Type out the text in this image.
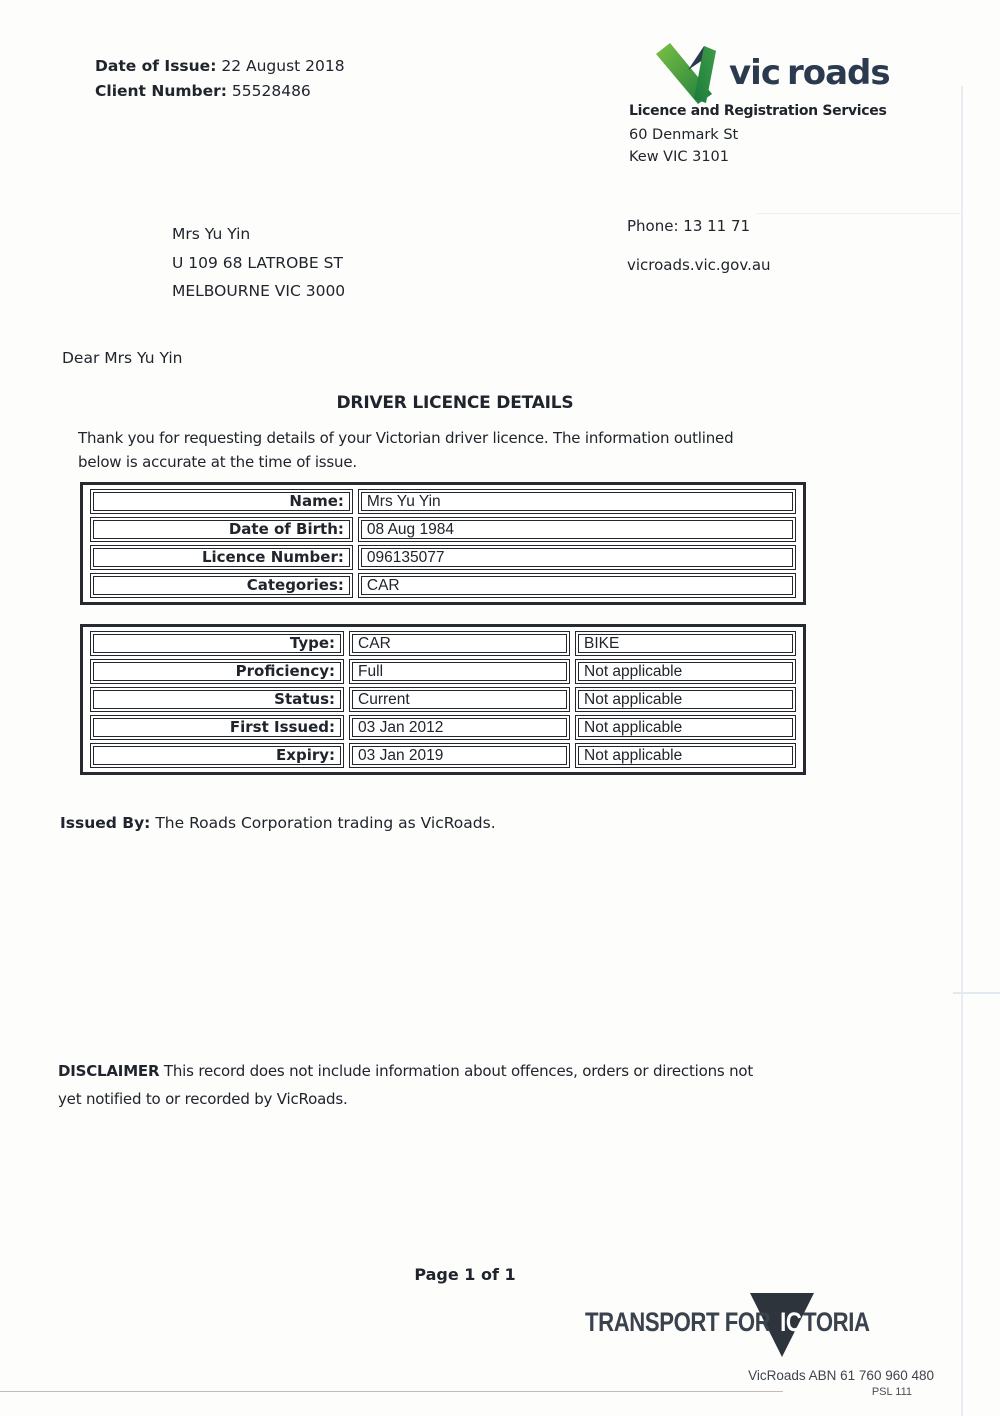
Date of Issue: 22 August 2018
Client Number: 55528486	vic roads
Licence and Registration Services
60 Denmark St
Kew VIC 3101
Mrs Yu Yin
U 109 68 LATROBE ST
MELBOURNE VIC 3000
Phone: 13 11 71
vicroads.vic.gov.au
Dear Mrs Yu Yin
DRIVER LICENCE DETAILS
Thank you for requesting details of your Victorian driver licence. The information outlined
below is accurate at the time of issue.
Name:	Mrs Yu Yin
Date of Birth:	08 Aug 1984
Licence Number:	096135077
Categories:	CAR
Type:	CAR	BIKE
Proficiency:	Full	Not applicable
Status:	Current	Not applicable
First Issued:	03 Jan 2012	Not applicable
Expiry:	03 Jan 2019	Not applicable
Issued By: The Roads Corporation trading as VicRoads.
DISCLAIMER This record does not include information about offences, orders or directions not
yet notified to or recorded by VicRoads.
Page 1 of 1
TRANSPORT FOR ICTORIA
VicRoads ABN 61 760 960 480
PSL 111
